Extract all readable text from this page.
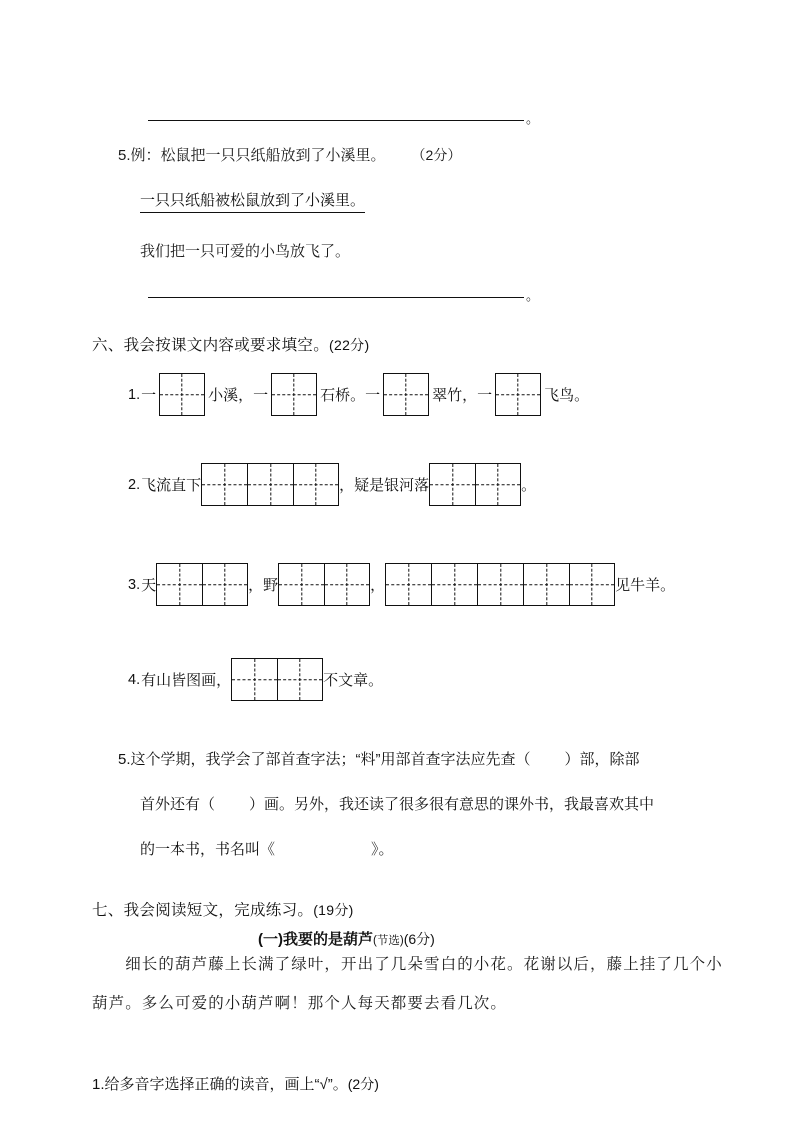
。
5.例：松鼠把一只只纸船放到了小溪里。 （2分）
一只只纸船被松鼠放到了小溪里。
我们把一只可爱的小鸟放飞了。
。
六、我会按课文内容或要求填空。(22分)
1. 一	小溪，一	石桥。一	翠竹，一	飞鸟。
2. 飞流直下	，疑是银河落	。
3. 天	，野	，	见牛羊。
4. 有山皆图画，	不文章。
5.这个学期，我学会了部首查字法；“料”用部首查字法应先查（ ）部，除部
首外还有（ ）画。另外，我还读了很多很有意思的课外书，我最喜欢其中
的一本书，书名叫《	》。
七、我会阅读短文，完成练习。(19分)
(一)我要的是葫芦(节选)(6分)
　　细长的葫芦藤上长满了绿叶，开出了几朵雪白的小花。花谢以后，藤上挂了几个小
葫芦。多么可爱的小葫芦啊！那个人每天都要去看几次。
1.给多音字选择正确的读音，画上“√”。(2分)
